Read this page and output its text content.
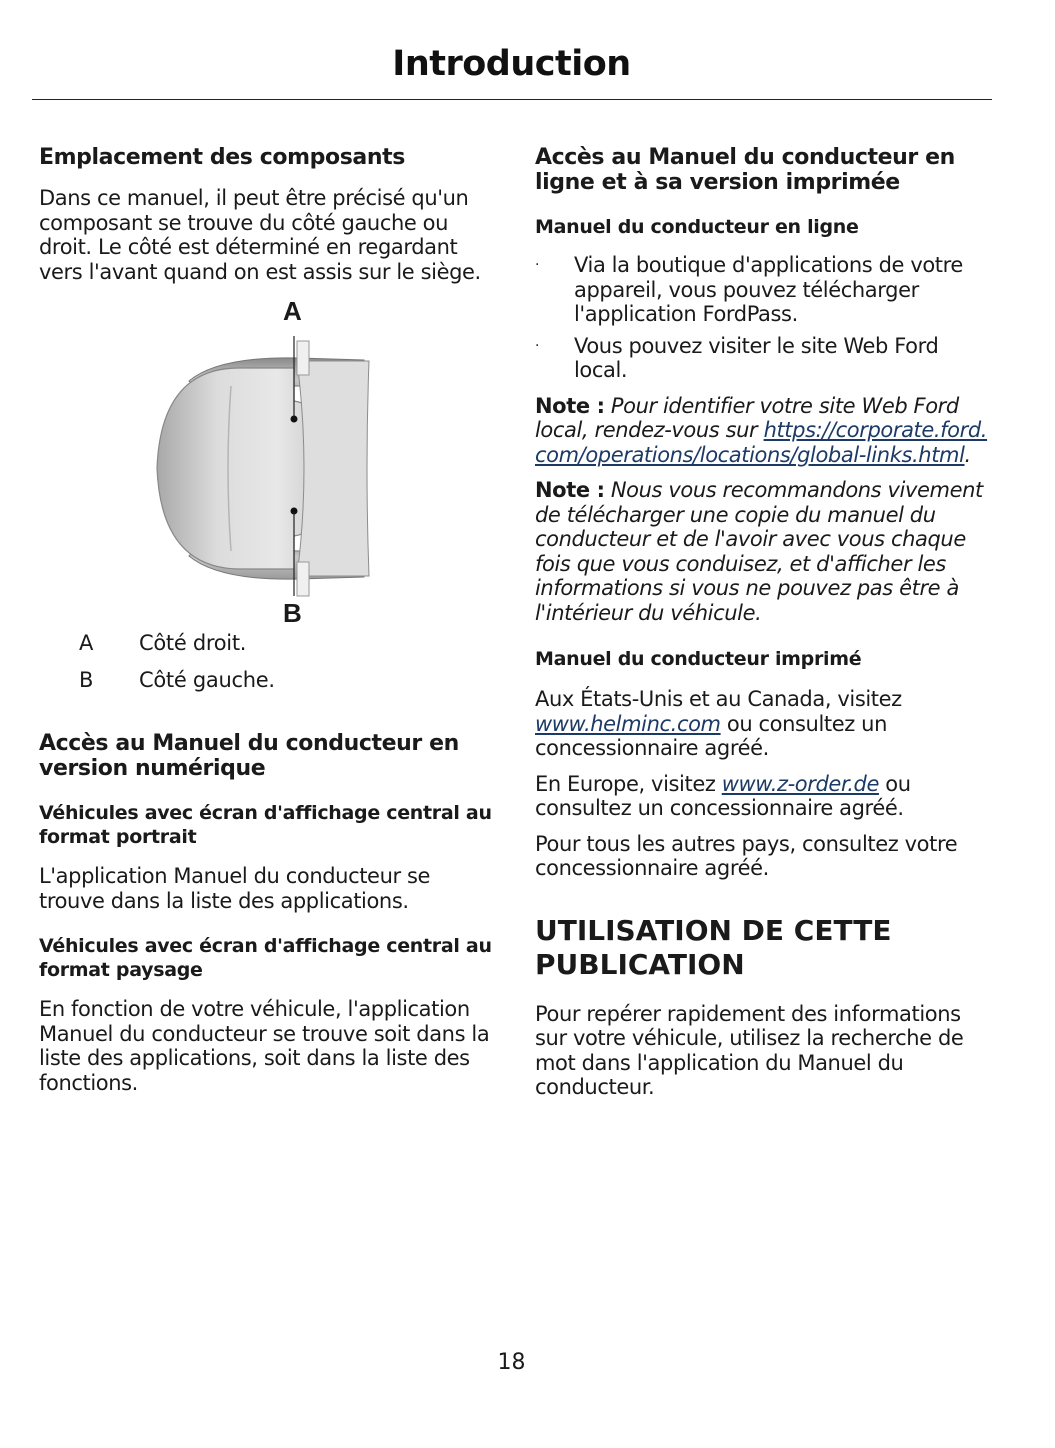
Introduction
Emplacement des composants

Dans ce manuel, il peut être précisé qu'un composant se trouve du côté gauche ou droit. Le côté est déterminé en regardant vers l'avant quand on est assis sur le siège.

A
B
A	Côté droit.
B	Côté gauche.
Accès au Manuel du conducteur en version numérique
Véhicules avec écran d'affichage central au format portrait

L'application Manuel du conducteur se trouve dans la liste des applications.

Véhicules avec écran d'affichage central au format paysage

En fonction de votre véhicule, l'application Manuel du conducteur se trouve soit dans la liste des applications, soit dans la liste des fonctions.

Accès au Manuel du conducteur en ligne et à sa version imprimée
Manuel du conducteur en ligne
·	Via la boutique d'applications de votre appareil, vous pouvez télécharger l'application FordPass.
·	Vous pouvez visiter le site Web Ford local.

Note : Pour identifier votre site Web Ford local, rendez-vous sur https://corporate.ford.com/operations/locations/global-links.html.

Note : Nous vous recommandons vivement de télécharger une copie du manuel du conducteur et de l'avoir avec vous chaque fois que vous conduisez, et d'afficher les informations si vous ne pouvez pas être à l'intérieur du véhicule.

Manuel du conducteur imprimé

Aux États-Unis et au Canada, visitez www.helminc.com ou consultez un concessionnaire agréé.

En Europe, visitez www.z-order.de ou consultez un concessionnaire agréé.

Pour tous les autres pays, consultez votre concessionnaire agréé.

UTILISATION DE CETTE PUBLICATION

Pour repérer rapidement des informations sur votre véhicule, utilisez la recherche de mot dans l'application du Manuel du conducteur.

18
